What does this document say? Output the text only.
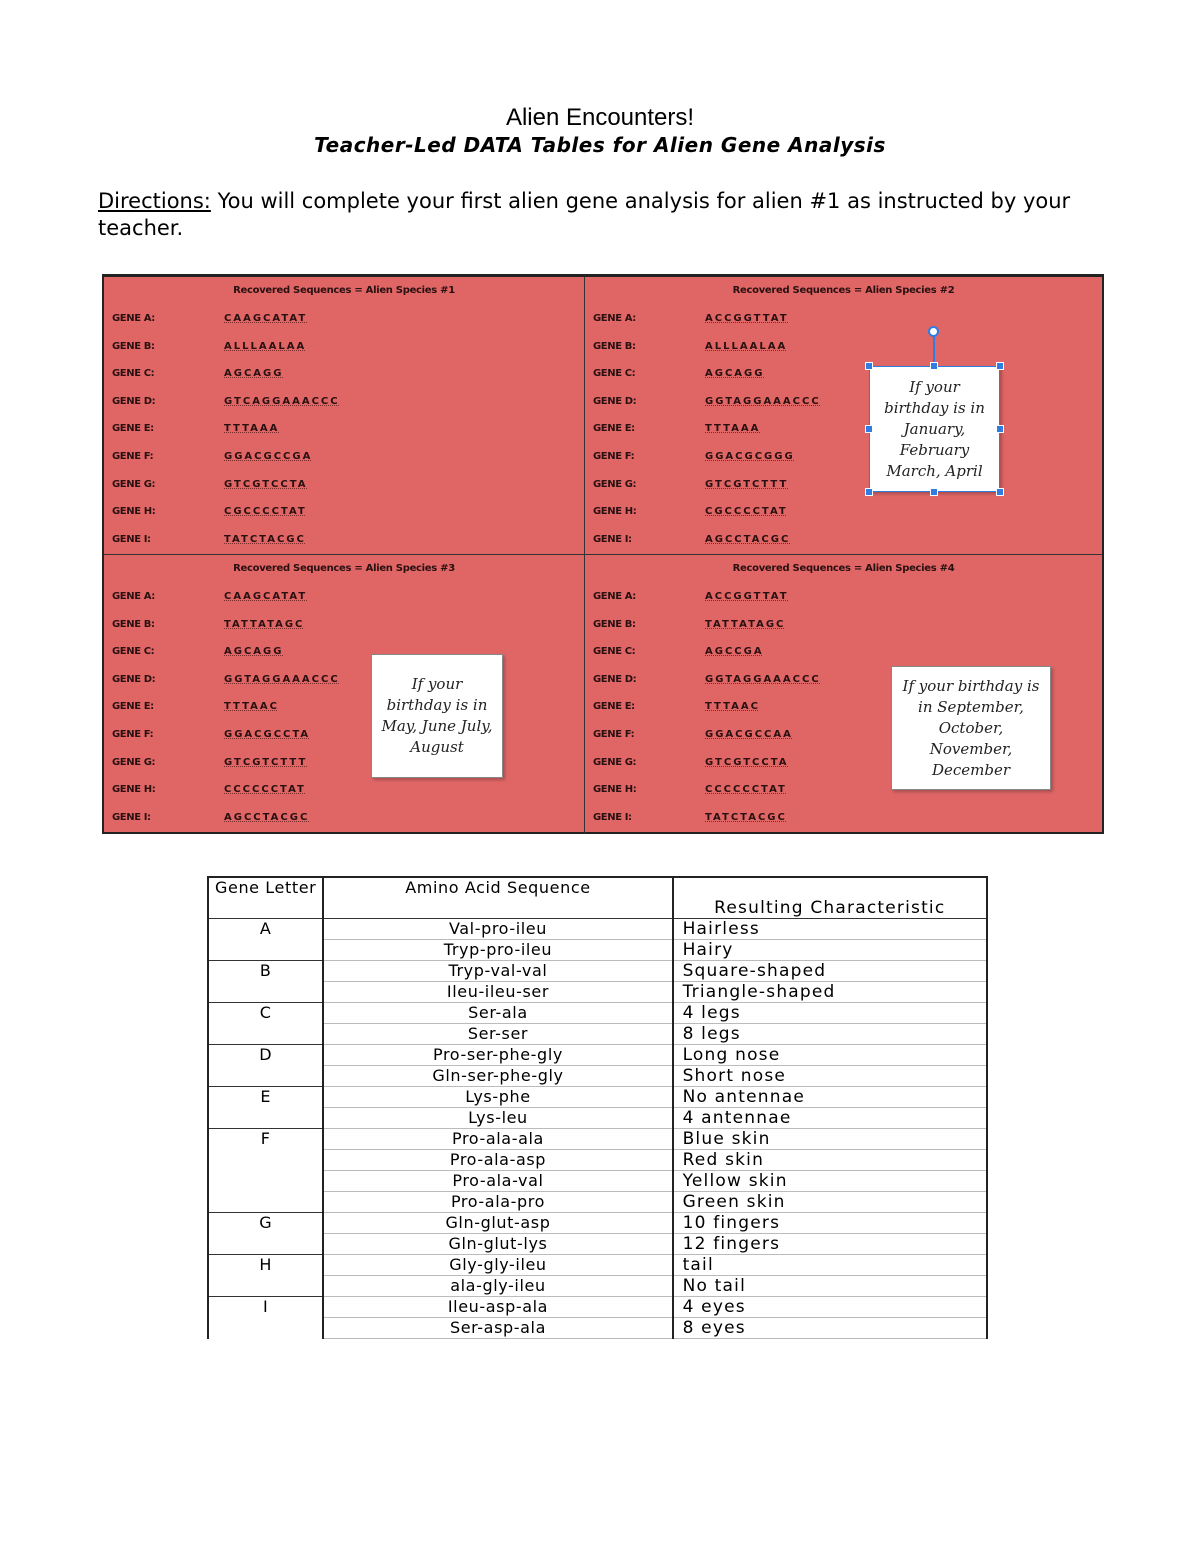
Alien Encounters!
Teacher-Led DATA Tables for Alien Gene Analysis
Directions: You will complete your first alien gene analysis for alien #1 as instructed by your teacher.
Recovered Sequences = Alien Species #1
GENE A:	CAAGCATAT
GENE B:	ALLLAALAA
GENE C:	AGCAGG
GENE D:	GTCAGGAAACCC
GENE E:	TTTAAA
GENE F:	GGACGCCGA
GENE G:	GTCGTCCTA
GENE H:	CGCCCCTAT
GENE I:	TATCTACGC
Recovered Sequences = Alien Species #2
GENE A:	ACCGGTTAT
GENE B:	ALLLAALAA
GENE C:	AGCAGG
GENE D:	GGTAGGAAACCC
GENE E:	TTTAAA
GENE F:	GGACGCGGG
GENE G:	GTCGTCTTT
GENE H:	CGCCCCTAT
GENE I:	AGCCTACGC
Recovered Sequences = Alien Species #3
GENE A:	CAAGCATAT
GENE B:	TATTATAGC
GENE C:	AGCAGG
GENE D:	GGTAGGAAACCC
GENE E:	TTTAAC
GENE F:	GGACGCCTA
GENE G:	GTCGTCTTT
GENE H:	CCCCCCTAT
GENE I:	AGCCTACGC
Recovered Sequences = Alien Species #4
GENE A:	ACCGGTTAT
GENE B:	TATTATAGC
GENE C:	AGCCGA
GENE D:	GGTAGGAAACCC
GENE E:	TTTAAC
GENE F:	GGACGCCAA
GENE G:	GTCGTCCTA
GENE H:	CCCCCCTAT
GENE I:	TATCTACGC
If your birthday is in January, February March, April
If your birthday is in May, June July, August
If your birthday is in September, October, November, December
Gene Letter	Amino Acid Sequence	Resulting Characteristic
A	Val-pro-ileu	Hairless
	Tryp-pro-ileu	Hairy
B	Tryp-val-val	Square-shaped
	Ileu-ileu-ser	Triangle-shaped
C	Ser-ala	4 legs
	Ser-ser	8 legs
D	Pro-ser-phe-gly	Long nose
	Gln-ser-phe-gly	Short nose
E	Lys-phe	No antennae
	Lys-leu	4 antennae
F	Pro-ala-ala	Blue skin
	Pro-ala-asp	Red skin
	Pro-ala-val	Yellow skin
	Pro-ala-pro	Green skin
G	Gln-glut-asp	10 fingers
	Gln-glut-lys	12 fingers
H	Gly-gly-ileu	tail
	ala-gly-ileu	No tail
I	Ileu-asp-ala	4 eyes
	Ser-asp-ala	8 eyes
